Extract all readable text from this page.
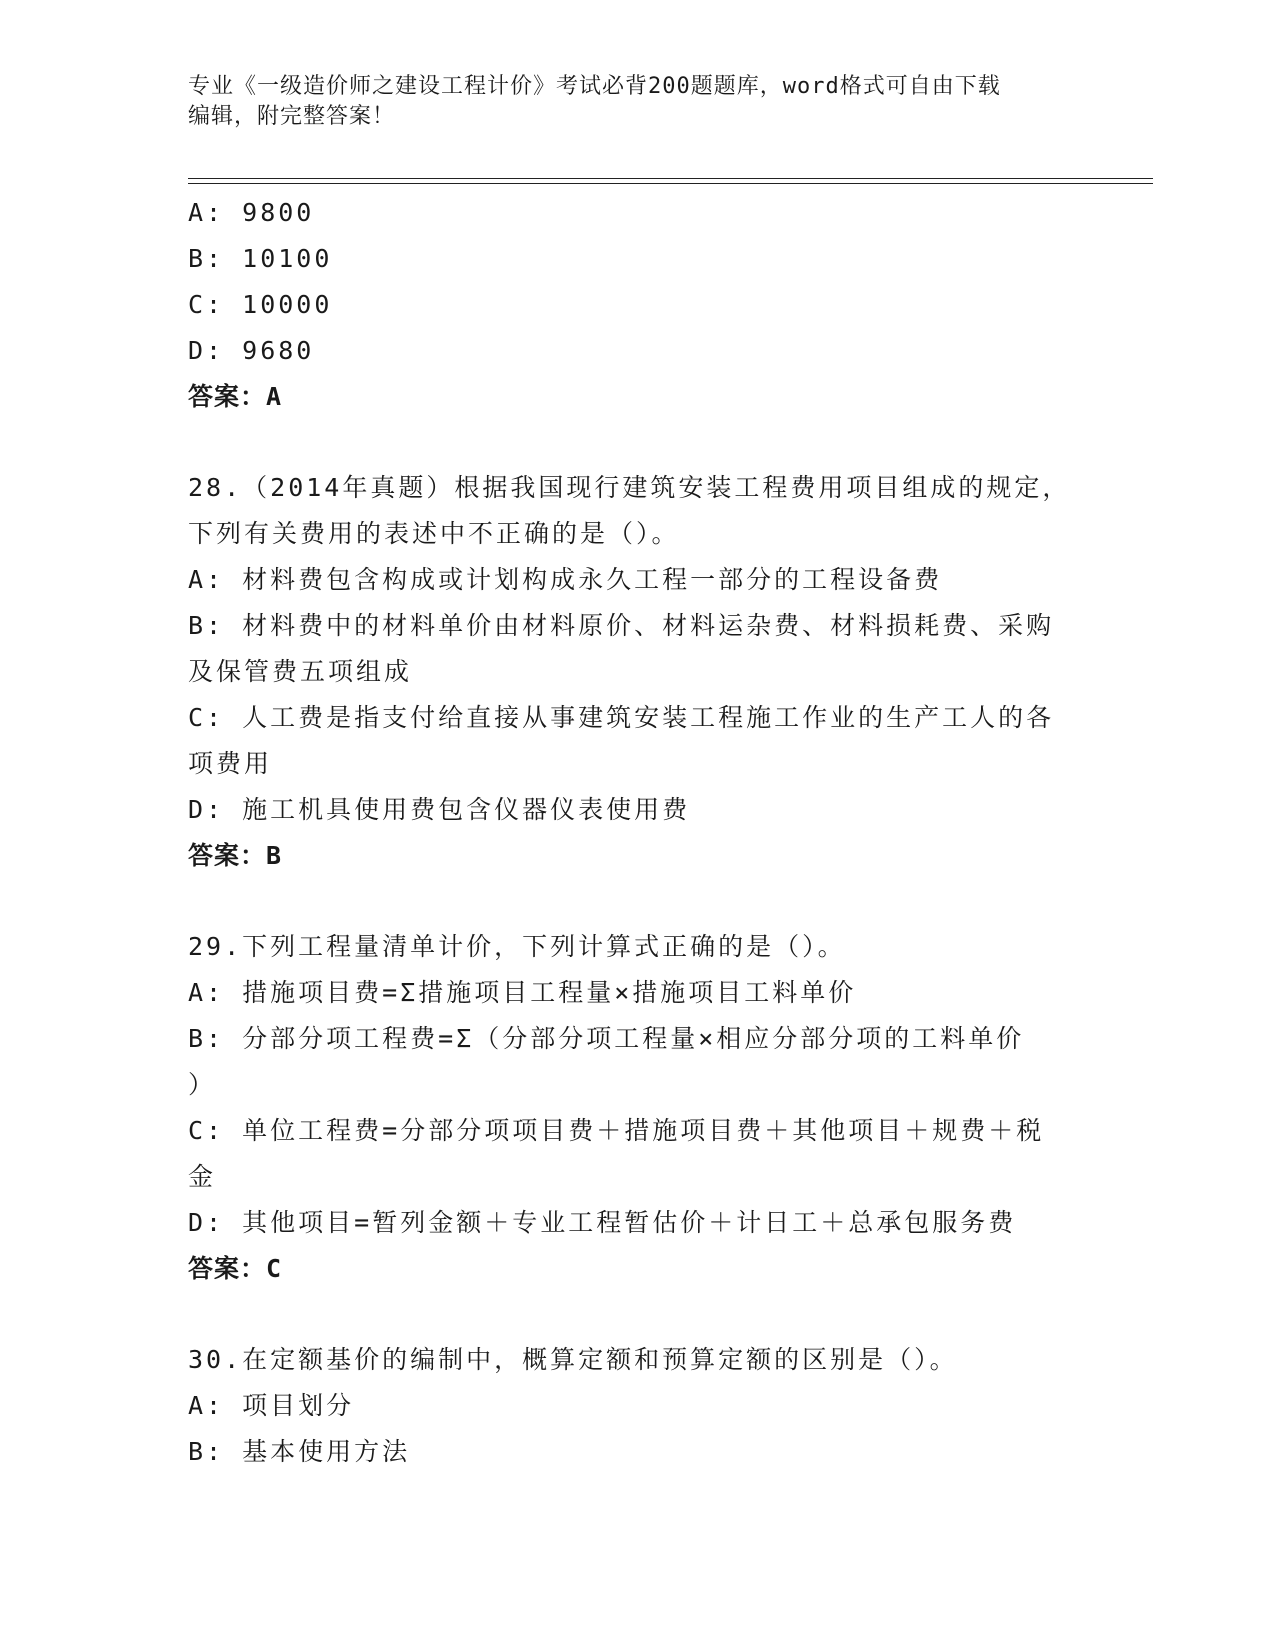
专业《一级造价师之建设工程计价》考试必背200题题库，word格式可自由下载
编辑，附完整答案！
A: 9800
B: 10100
C: 10000
D: 9680
答案：A
28.（2014年真题）根据我国现行建筑安装工程费用项目组成的规定，
下列有关费用的表述中不正确的是（）。
A: 材料费包含构成或计划构成永久工程一部分的工程设备费
B: 材料费中的材料单价由材料原价、材料运杂费、材料损耗费、采购
及保管费五项组成
C: 人工费是指支付给直接从事建筑安装工程施工作业的生产工人的各
项费用
D: 施工机具使用费包含仪器仪表使用费
答案：B
29.下列工程量清单计价，下列计算式正确的是（）。
A: 措施项目费=Σ措施项目工程量×措施项目工料单价
B: 分部分项工程费=Σ（分部分项工程量×相应分部分项的工料单价
）
C: 单位工程费=分部分项项目费＋措施项目费＋其他项目＋规费＋税
金
D: 其他项目=暂列金额＋专业工程暂估价＋计日工＋总承包服务费
答案：C
30.在定额基价的编制中，概算定额和预算定额的区别是（）。
A: 项目划分
B: 基本使用方法
